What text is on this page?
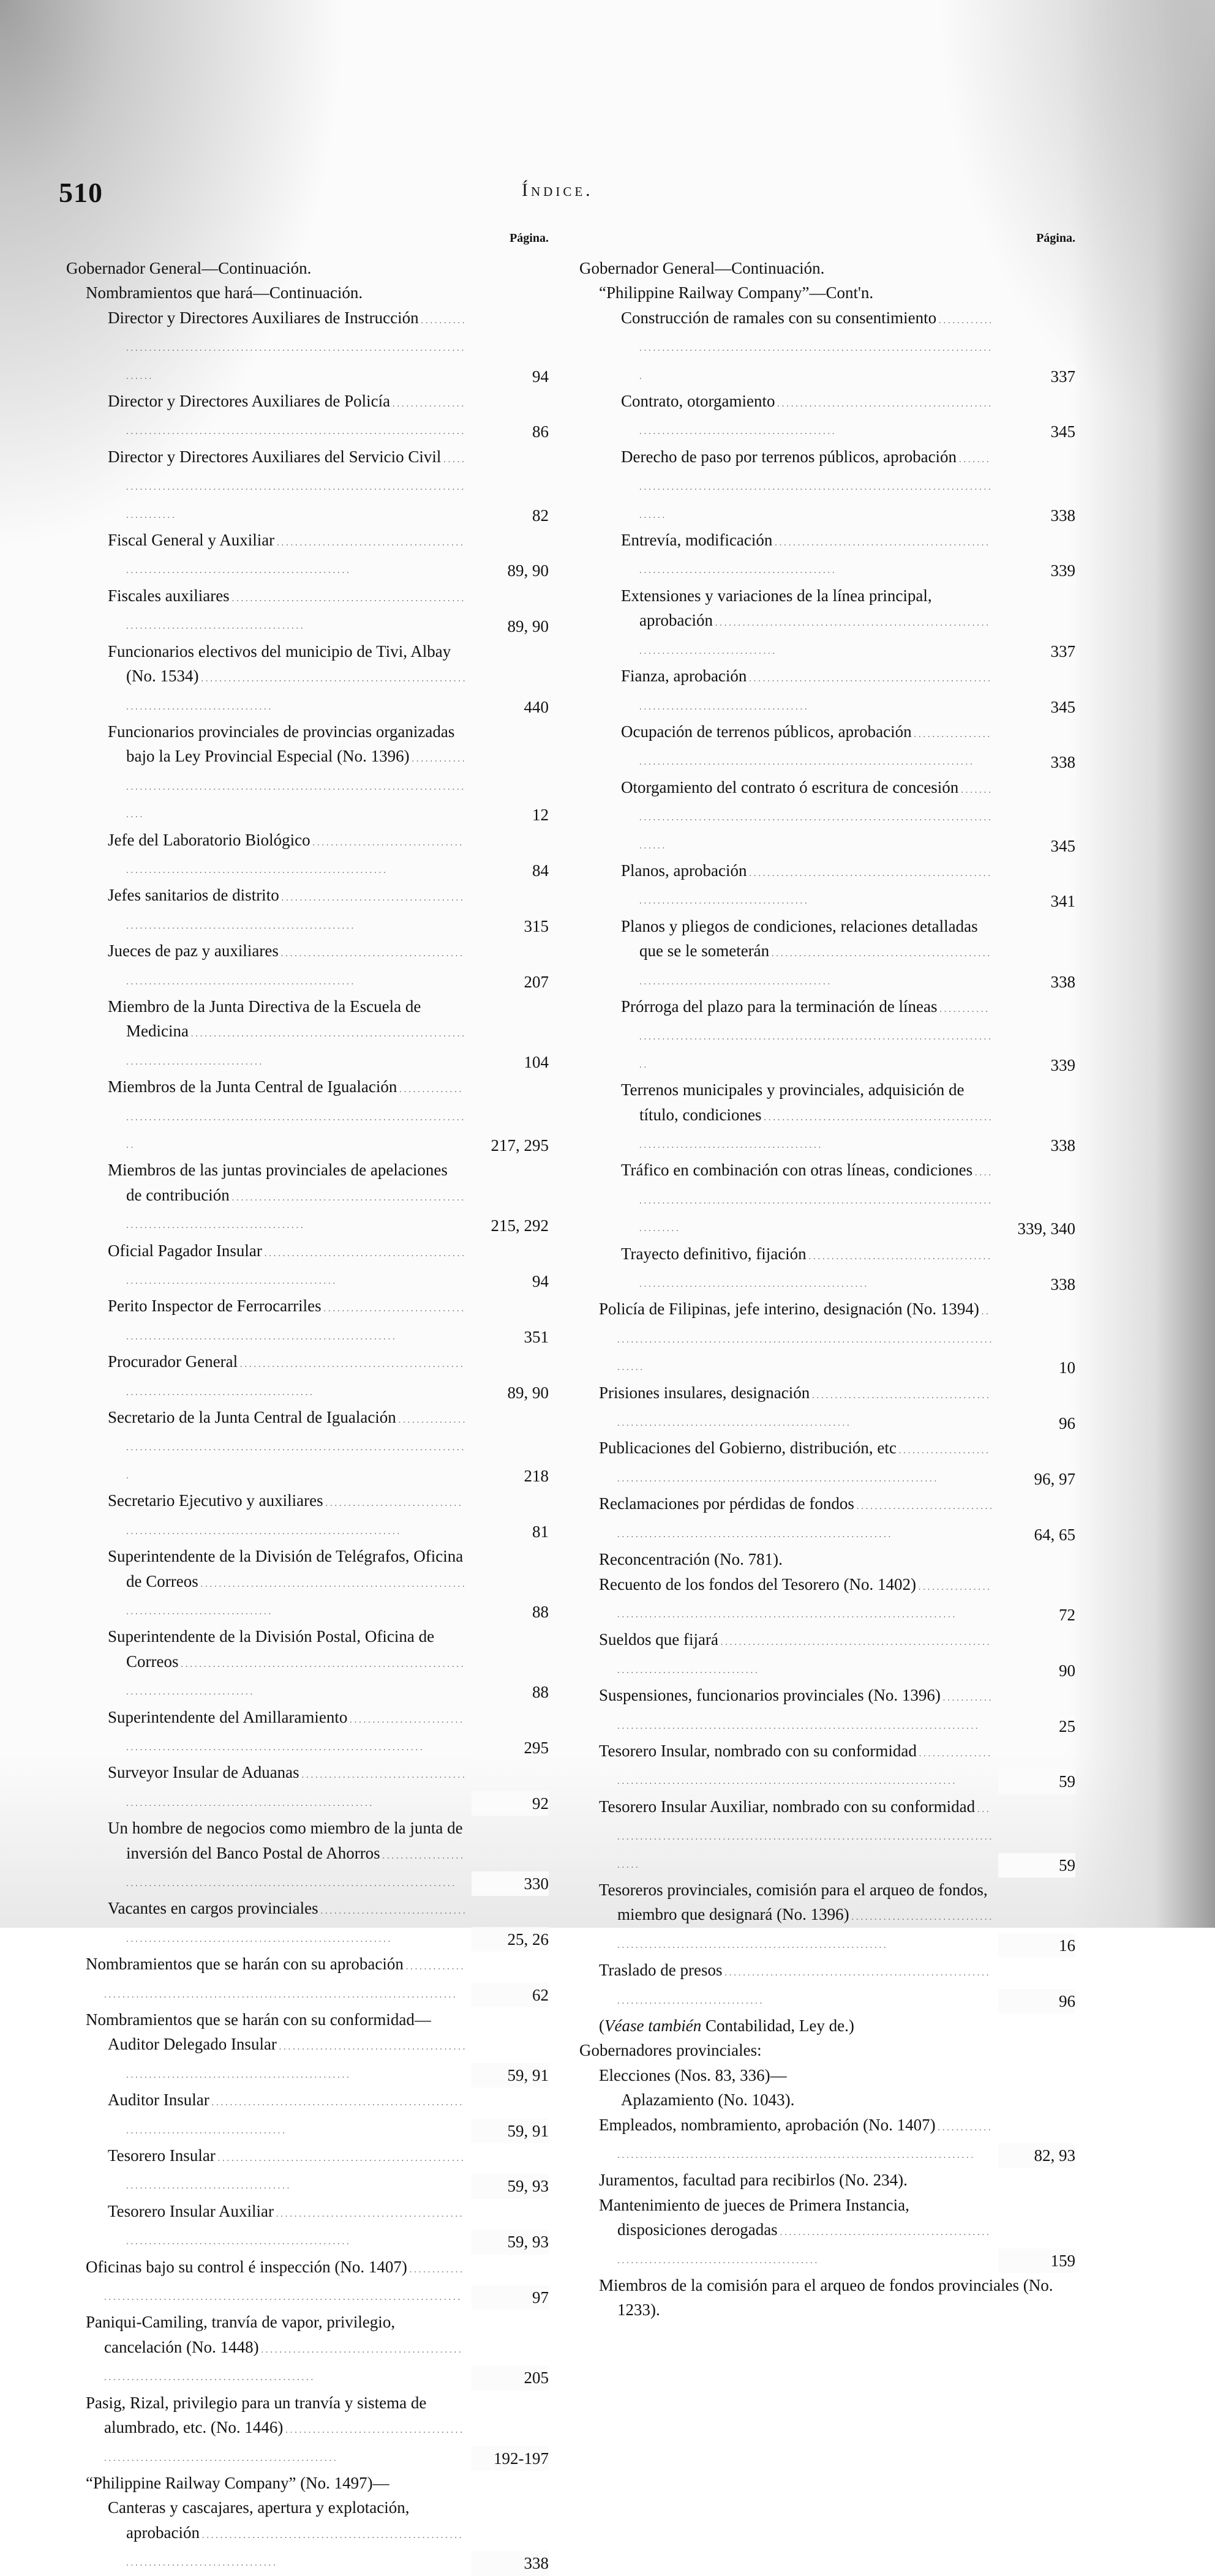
510	Índice.
Página.
Gobernador General—Continuación.
Nombramientos que hará—Continuación.
Director y Directores Auxiliares de Instrucción . . .
94
Director y Directores Auxiliares de Policía . . .
86
Director y Directores Auxiliares del Servicio Civil . . .
82
Fiscal General y Auxiliar . . .
89, 90
Fiscales auxiliares . . .
89, 90
Funcionarios electivos del municipio de Tivi, Albay (No. 1534) . . .
440
Funcionarios provinciales de provincias organizadas bajo la Ley Provincial Especial (No. 1396) . . .
12
Jefe del Laboratorio Biológico . . .
84
Jefes sanitarios de distrito . . .
315
Jueces de paz y auxiliares . . .
207
Miembro de la Junta Directiva de la Escuela de Medicina . . .
104
Miembros de la Junta Central de Igualación . . .
217, 295
Miembros de las juntas provinciales de apelaciones de contribución . . .
215, 292
Oficial Pagador Insular . . .
94
Perito Inspector de Ferrocarriles . . .
351
Procurador General . . .
89, 90
Secretario de la Junta Central de Igualación . . .
218
Secretario Ejecutivo y auxiliares . . .
81
Superintendente de la División de Telégrafos, Oficina de Correos . . .
88
Superintendente de la División Postal, Oficina de Correos . . .
88
Superintendente del Amillaramiento . . .
295
Surveyor Insular de Aduanas . . .
92
Un hombre de negocios como miembro de la junta de inversión del Banco Postal de Ahorros . . .
330
Vacantes en cargos provinciales . . .
25, 26
Nombramientos que se harán con su aprobación . . .
62
Nombramientos que se harán con su conformidad—
Auditor Delegado Insular . . .
59, 91
Auditor Insular . . .
59, 91
Tesorero Insular . . .
59, 93
Tesorero Insular Auxiliar . . .
59, 93
Oficinas bajo su control é inspección (No. 1407) . . .
97
Paniqui-Camiling, tranvía de vapor, privilegio, cancelación (No. 1448) . . .
205
Pasig, Rizal, privilegio para un tranvía y sistema de alumbrado, etc. (No. 1446) . . .
192-197
“Philippine Railway Company” (No. 1497)—
Canteras y cascajares, apertura y explotación, aprobación . . .
338
Página.
Gobernador General—Continuación.
“Philippine Railway Company”—Cont'n.
Construcción de ramales con su consentimiento . . .
337
Contrato, otorgamiento . . .
345
Derecho de paso por terrenos públicos, aprobación . . .
338
Entrevía, modificación . . .
339
Extensiones y variaciones de la línea principal, aprobación . . .
337
Fianza, aprobación . . .
345
Ocupación de terrenos públicos, aprobación . . .
338
Otorgamiento del contrato ó escritura de concesión . . .
345
Planos, aprobación . . .
341
Planos y pliegos de condiciones, relaciones detalladas que se le someterán . . .
338
Prórroga del plazo para la terminación de líneas . . .
339
Terrenos municipales y provinciales, adquisición de título, condiciones . . .
338
Tráfico en combinación con otras líneas, condiciones . . .
339, 340
Trayecto definitivo, fijación . . .
338
Policía de Filipinas, jefe interino, designación (No. 1394) . . .
10
Prisiones insulares, designación . . .
96
Publicaciones del Gobierno, distribución, etc . . .
96, 97
Reclamaciones por pérdidas de fondos . . .
64, 65
Reconcentración (No. 781).
Recuento de los fondos del Tesorero (No. 1402) . . .
72
Sueldos que fijará . . .
90
Suspensiones, funcionarios provinciales (No. 1396) . . .
25
Tesorero Insular, nombrado con su conformidad . . .
59
Tesorero Insular Auxiliar, nombrado con su conformidad . . .
59
Tesoreros provinciales, comisión para el arqueo de fondos, miembro que designará (No. 1396) . . .
16
Traslado de presos . . .
96
(Véase también Contabilidad, Ley de.)
Gobernadores provinciales:
Elecciones (Nos. 83, 336)—
Aplazamiento (No. 1043).
Empleados, nombramiento, aprobación (No. 1407) . . .
82, 93
Juramentos, facultad para recibirlos (No. 234).
Mantenimiento de jueces de Primera Instancia, disposiciones derogadas . . .
159
Miembros de la comisión para el arqueo de fondos provinciales (No. 1233).
